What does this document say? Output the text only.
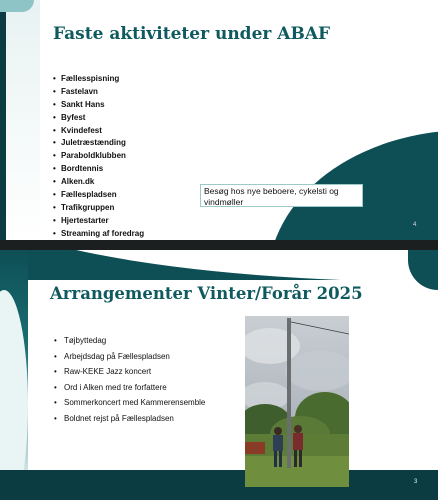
Faste aktiviteter under ABAF
• Fællesspisning
• Fastelavn
• Sankt Hans
• Byfest
• Kvindefest
• Juletræstænding
• Paraboldklubben
• Bordtennis
• Alken.dk
• Fællespladsen
• Trafikgruppen
• Hjertestarter
• Streaming af foredrag
Besøg hos nye beboere, cykelsti og vindmøller
4
Arrangementer Vinter/Forår 2025
• Tøjbyttedag
• Arbejdsdag på Fællespladsen
• Raw-KEKE Jazz koncert
• Ord i Alken med tre forfattere
• Sommerkoncert med Kammerensemble
• Boldnet rejst på Fællespladsen
3
